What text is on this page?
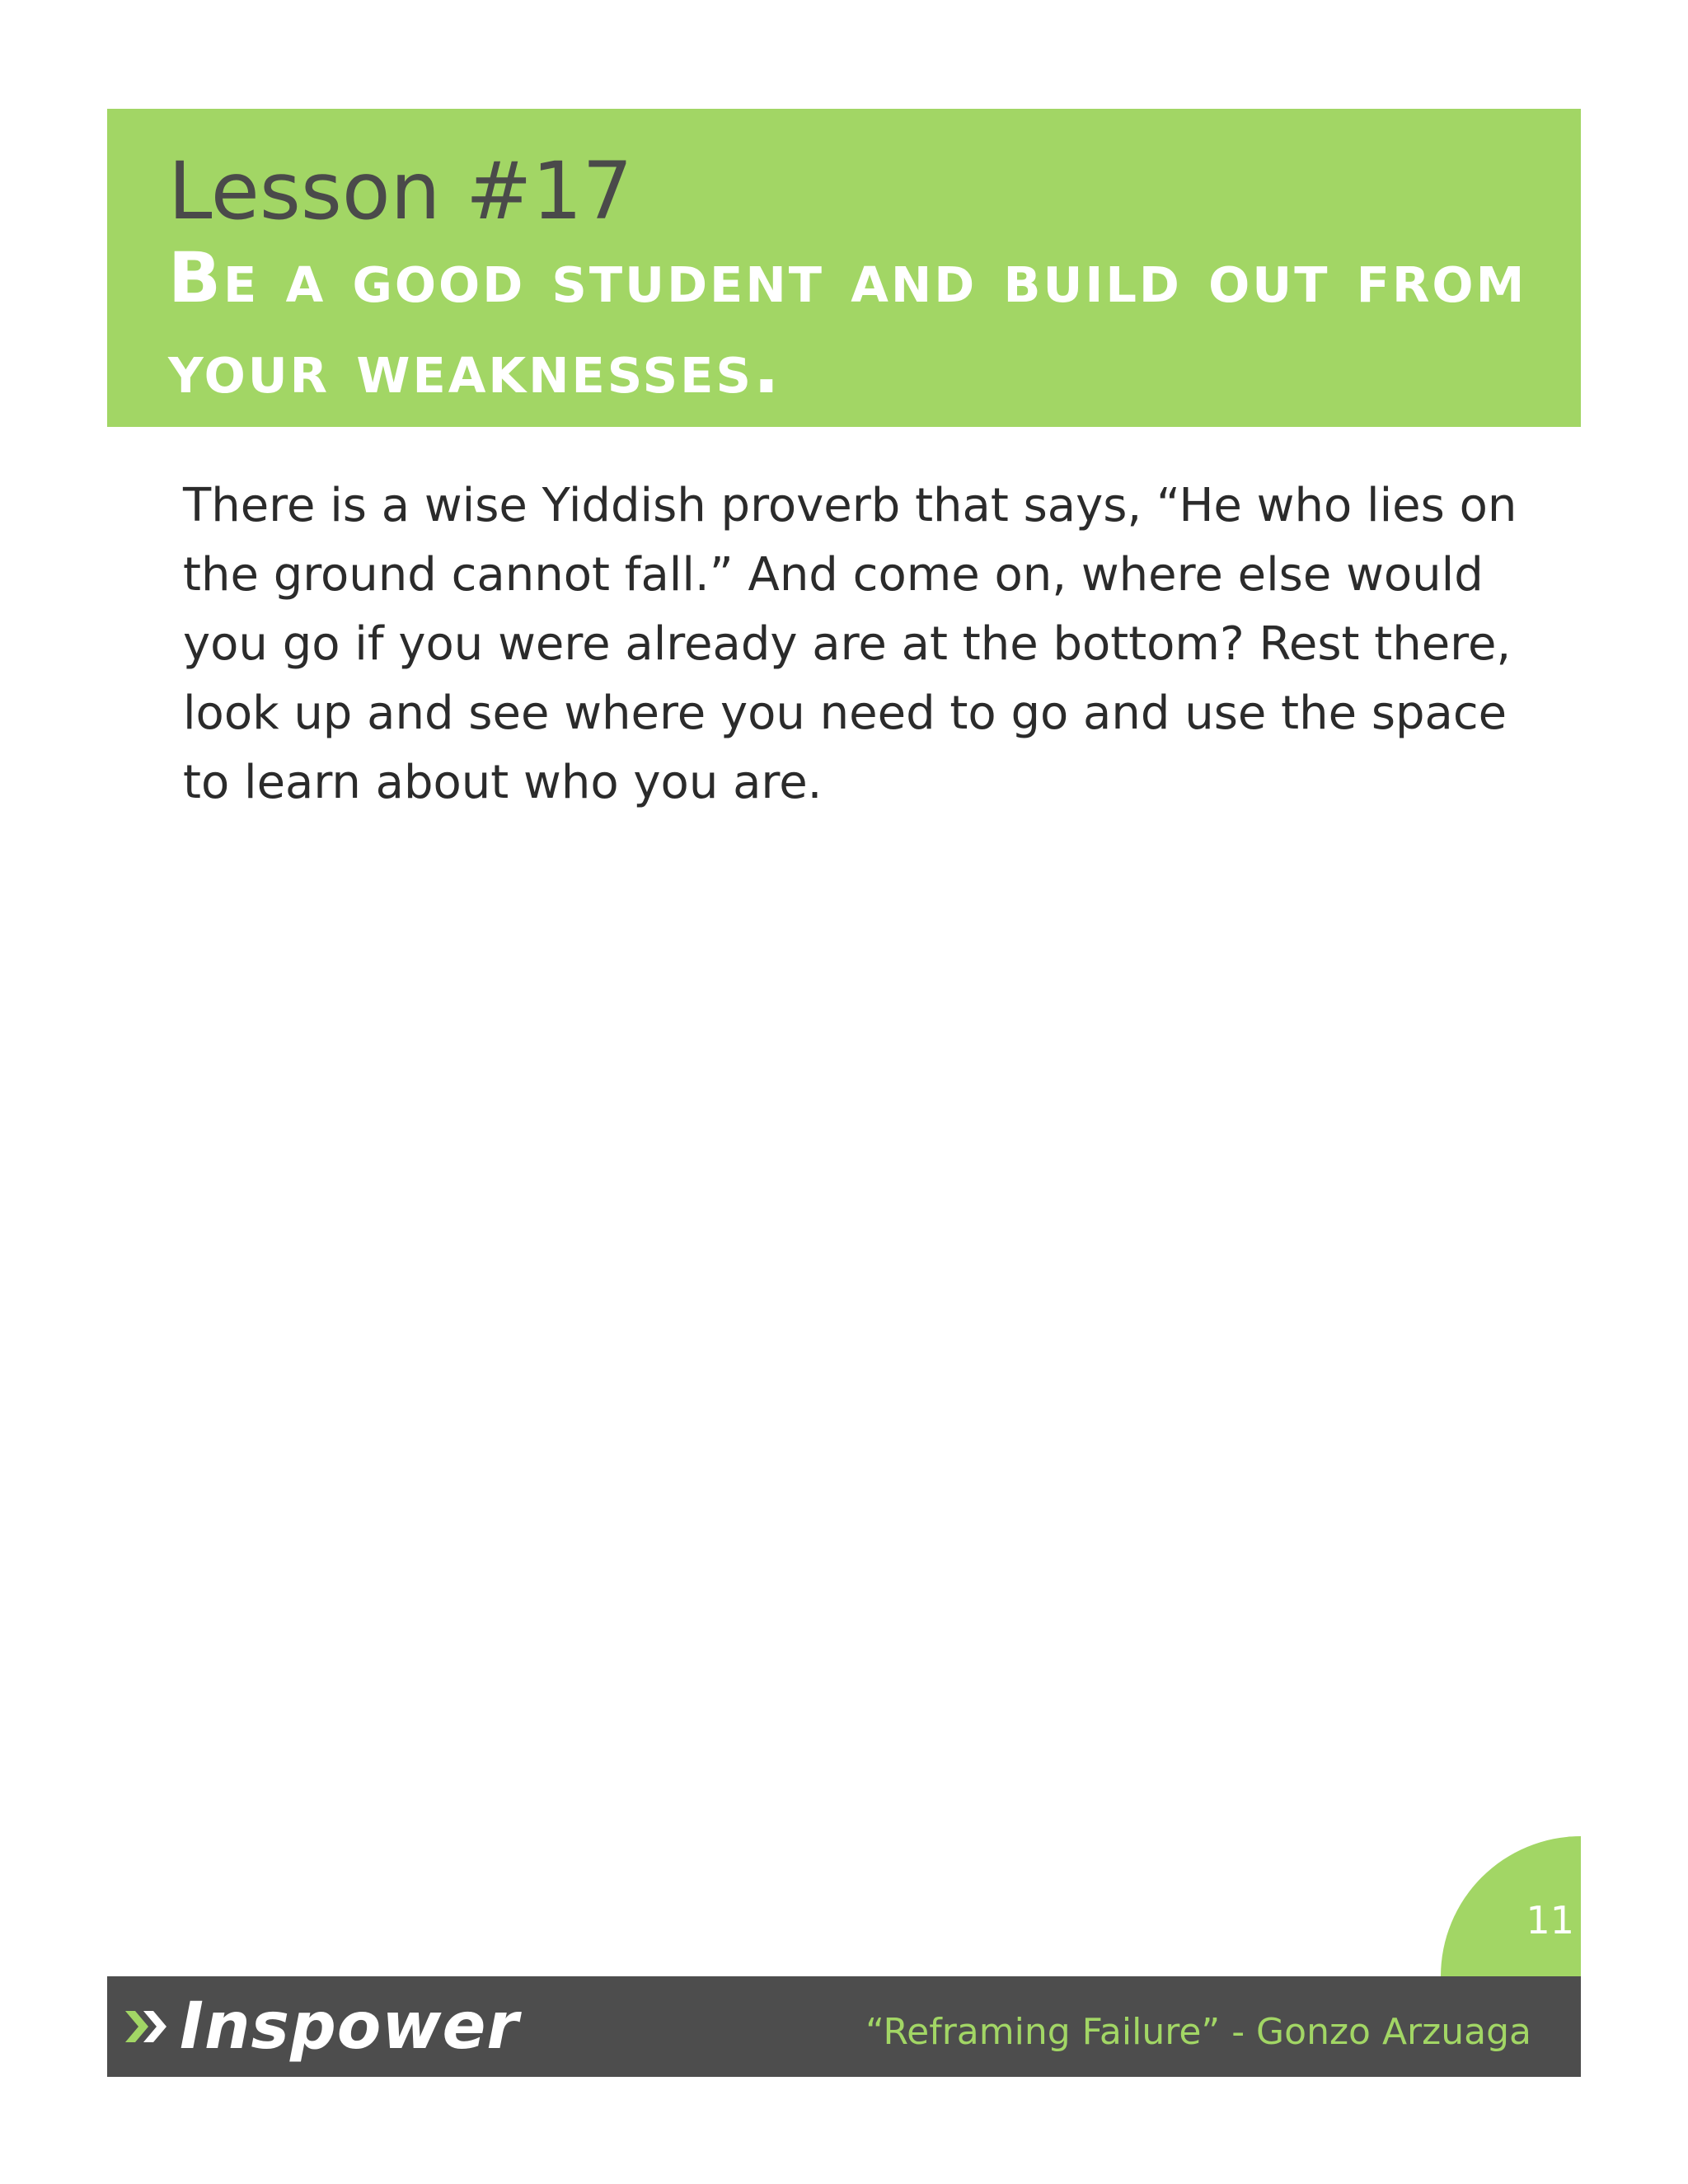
Lesson #17
Be a good student and build out from your weaknesses.

There is a wise Yiddish proverb that says, “He who lies on the ground cannot fall.” And come on, where else would you go if you were already are at the bottom? Rest there, look up and see where you need to go and use the space to learn about who you are.

11
Inspower	“Reframing Failure” - Gonzo Arzuaga
